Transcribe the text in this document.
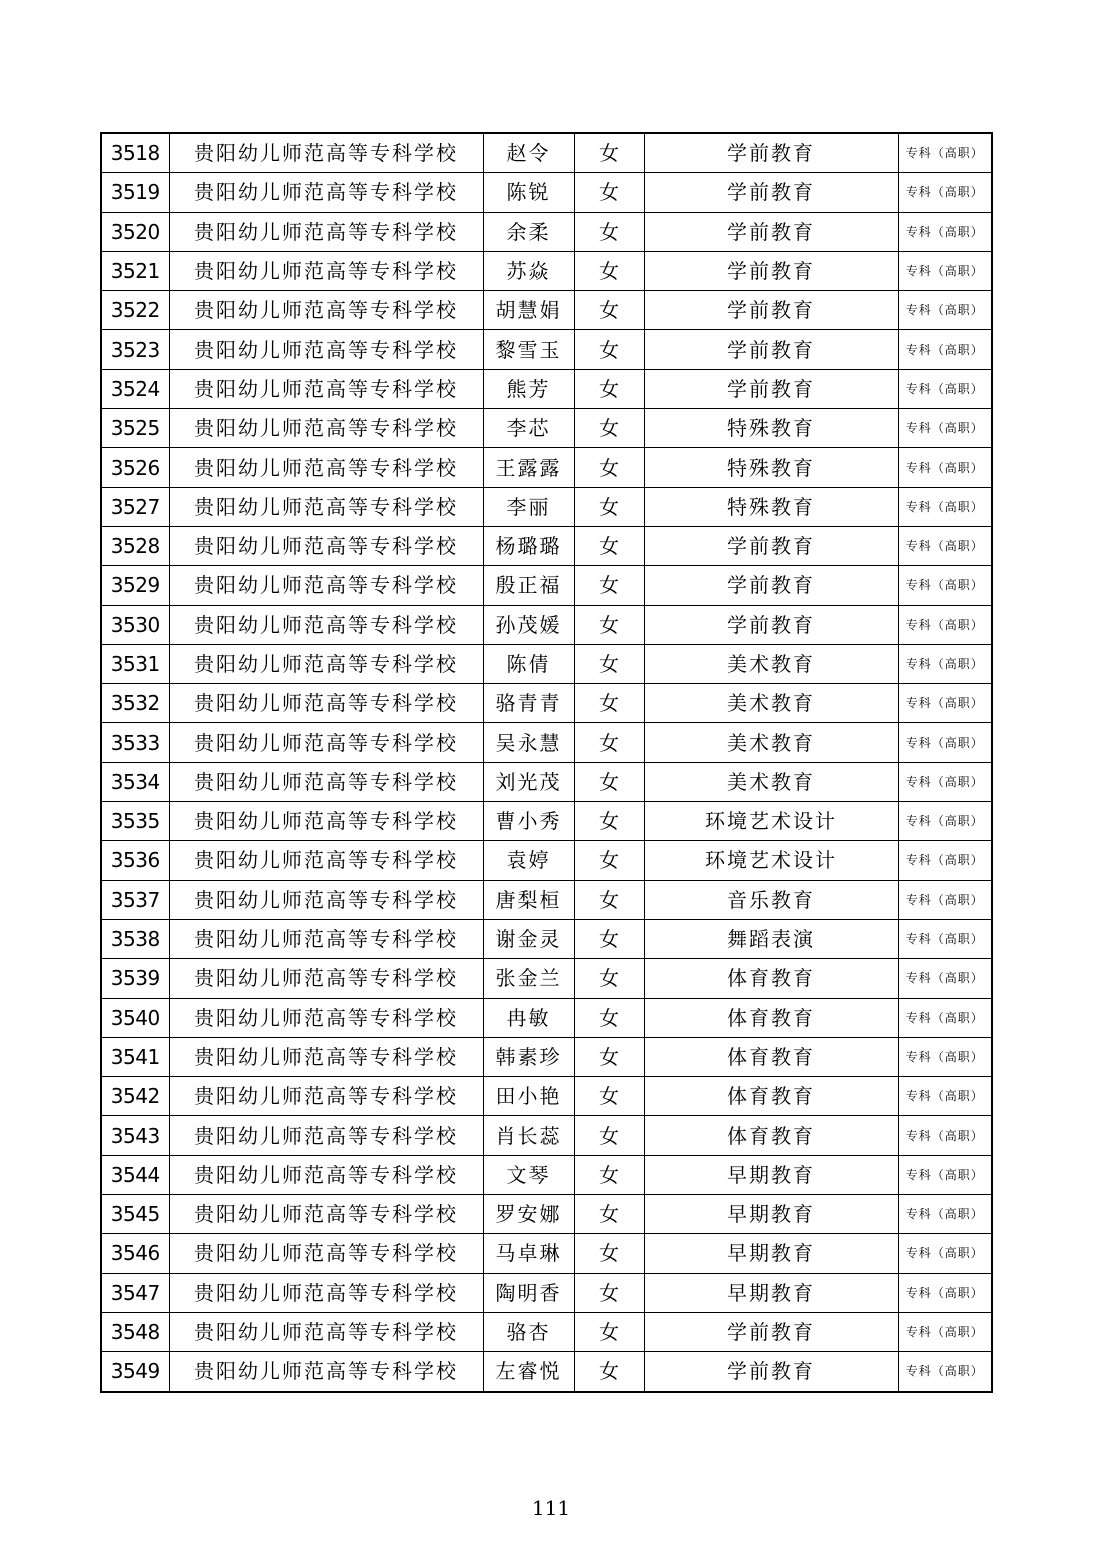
3518	贵阳幼儿师范高等专科学校	赵令	女	学前教育	专科（高职）
3519	贵阳幼儿师范高等专科学校	陈锐	女	学前教育	专科（高职）
3520	贵阳幼儿师范高等专科学校	余柔	女	学前教育	专科（高职）
3521	贵阳幼儿师范高等专科学校	苏焱	女	学前教育	专科（高职）
3522	贵阳幼儿师范高等专科学校	胡慧娟	女	学前教育	专科（高职）
3523	贵阳幼儿师范高等专科学校	黎雪玉	女	学前教育	专科（高职）
3524	贵阳幼儿师范高等专科学校	熊芳	女	学前教育	专科（高职）
3525	贵阳幼儿师范高等专科学校	李芯	女	特殊教育	专科（高职）
3526	贵阳幼儿师范高等专科学校	王露露	女	特殊教育	专科（高职）
3527	贵阳幼儿师范高等专科学校	李丽	女	特殊教育	专科（高职）
3528	贵阳幼儿师范高等专科学校	杨璐璐	女	学前教育	专科（高职）
3529	贵阳幼儿师范高等专科学校	殷正福	女	学前教育	专科（高职）
3530	贵阳幼儿师范高等专科学校	孙茂媛	女	学前教育	专科（高职）
3531	贵阳幼儿师范高等专科学校	陈倩	女	美术教育	专科（高职）
3532	贵阳幼儿师范高等专科学校	骆青青	女	美术教育	专科（高职）
3533	贵阳幼儿师范高等专科学校	吴永慧	女	美术教育	专科（高职）
3534	贵阳幼儿师范高等专科学校	刘光茂	女	美术教育	专科（高职）
3535	贵阳幼儿师范高等专科学校	曹小秀	女	环境艺术设计	专科（高职）
3536	贵阳幼儿师范高等专科学校	袁婷	女	环境艺术设计	专科（高职）
3537	贵阳幼儿师范高等专科学校	唐梨桓	女	音乐教育	专科（高职）
3538	贵阳幼儿师范高等专科学校	谢金灵	女	舞蹈表演	专科（高职）
3539	贵阳幼儿师范高等专科学校	张金兰	女	体育教育	专科（高职）
3540	贵阳幼儿师范高等专科学校	冉敏	女	体育教育	专科（高职）
3541	贵阳幼儿师范高等专科学校	韩素珍	女	体育教育	专科（高职）
3542	贵阳幼儿师范高等专科学校	田小艳	女	体育教育	专科（高职）
3543	贵阳幼儿师范高等专科学校	肖长蕊	女	体育教育	专科（高职）
3544	贵阳幼儿师范高等专科学校	文琴	女	早期教育	专科（高职）
3545	贵阳幼儿师范高等专科学校	罗安娜	女	早期教育	专科（高职）
3546	贵阳幼儿师范高等专科学校	马卓琳	女	早期教育	专科（高职）
3547	贵阳幼儿师范高等专科学校	陶明香	女	早期教育	专科（高职）
3548	贵阳幼儿师范高等专科学校	骆杏	女	学前教育	专科（高职）
3549	贵阳幼儿师范高等专科学校	左睿悦	女	学前教育	专科（高职）
111
